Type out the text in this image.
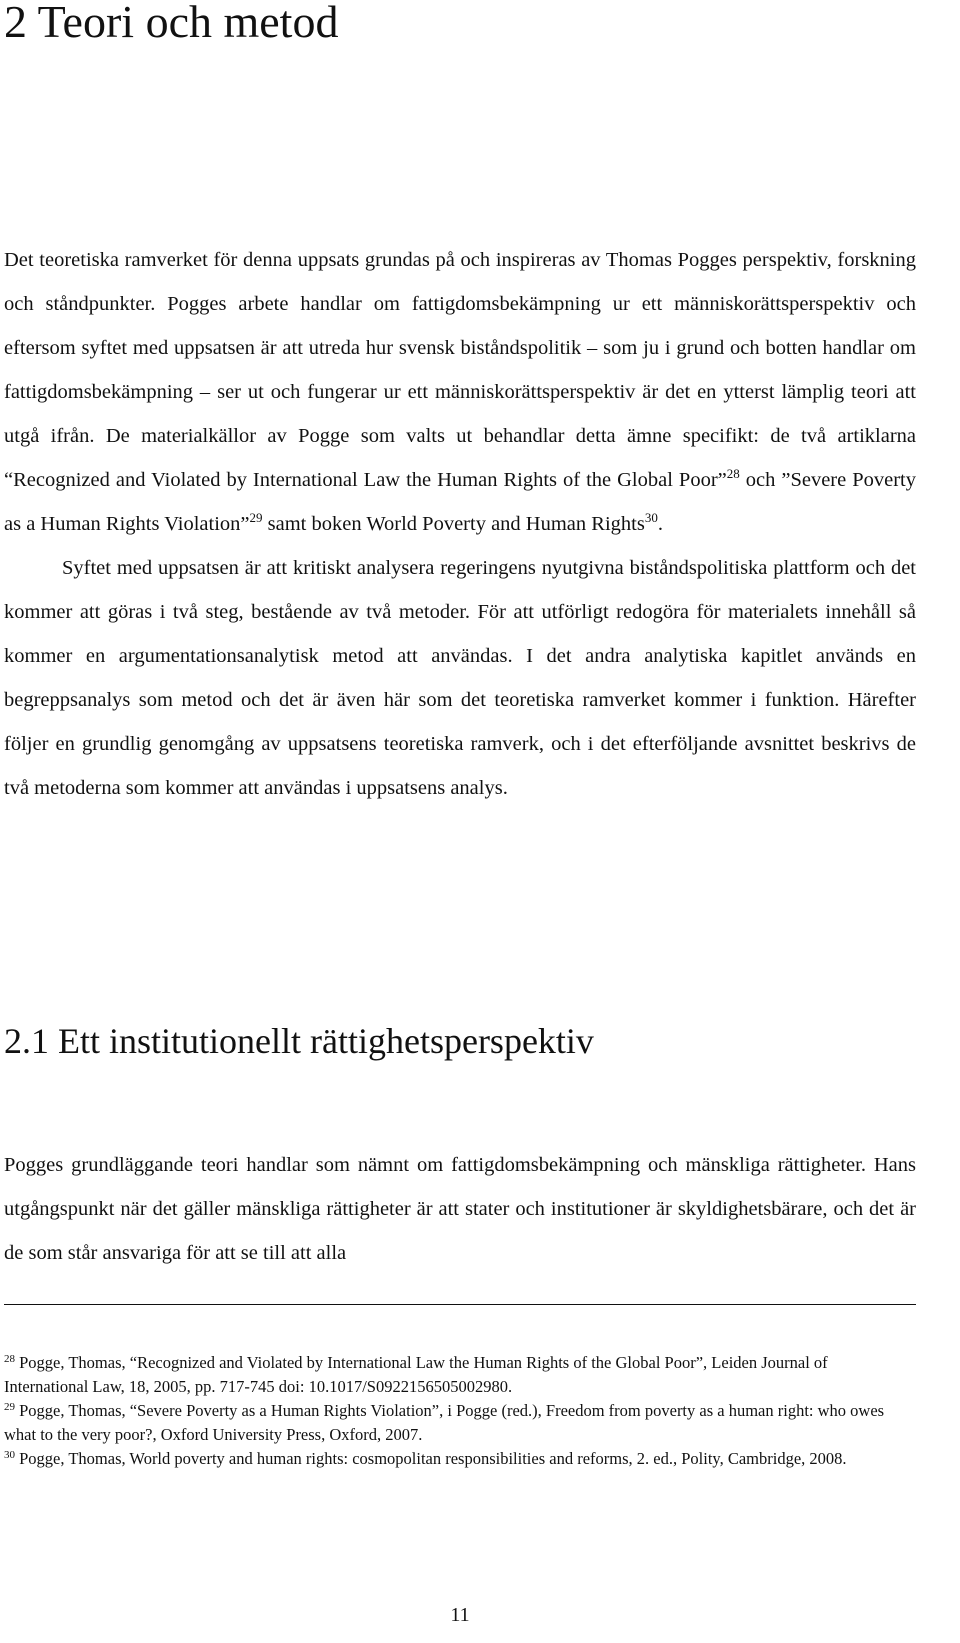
2 Teori och metod

Det teoretiska ramverket för denna uppsats grundas på och inspireras av Thomas Pogges perspektiv, forskning och ståndpunkter. Pogges arbete handlar om fattigdomsbekämpning ur ett människorättsperspektiv och eftersom syftet med uppsatsen är att utreda hur svensk biståndspolitik – som ju i grund och botten handlar om fattigdomsbekämpning – ser ut och fungerar ur ett människorättsperspektiv är det en ytterst lämplig teori att utgå ifrån. De materialkällor av Pogge som valts ut behandlar detta ämne specifikt: de två artiklarna “Recognized and Violated by International Law the Human Rights of the Global Poor”$^{28}$ och ”Severe Poverty as a Human Rights Violation”$^{29}$ samt boken World Poverty and Human Rights$^{30}$.

Syftet med uppsatsen är att kritiskt analysera regeringens nyutgivna biståndspolitiska plattform och det kommer att göras i två steg, bestående av två metoder. För att utförligt redogöra för materialets innehåll så kommer en argumentationsanalytisk metod att användas. I det andra analytiska kapitlet används en begreppsanalys som metod och det är även här som det teoretiska ramverket kommer i funktion. Härefter följer en grundlig genomgång av uppsatsens teoretiska ramverk, och i det efterföljande avsnittet beskrivs de två metoderna som kommer att användas i uppsatsens analys.

2.1 Ett institutionellt rättighetsperspektiv

Pogges grundläggande teori handlar som nämnt om fattigdomsbekämpning och mänskliga rättigheter. Hans utgångspunkt när det gäller mänskliga rättigheter är att stater och institutioner är skyldighetsbärare, och det är de som står ansvariga för att se till att alla

$^{28}$ Pogge, Thomas, “Recognized and Violated by International Law the Human Rights of the Global Poor”, Leiden Journal of International Law, 18, 2005, pp. 717-745 doi: 10.1017/S0922156505002980.

$^{29}$ Pogge, Thomas, “Severe Poverty as a Human Rights Violation”, i Pogge (red.), Freedom from poverty as a human right: who owes what to the very poor?, Oxford University Press, Oxford, 2007.

$^{30}$ Pogge, Thomas, World poverty and human rights: cosmopolitan responsibilities and reforms, 2. ed., Polity, Cambridge, 2008.

11
